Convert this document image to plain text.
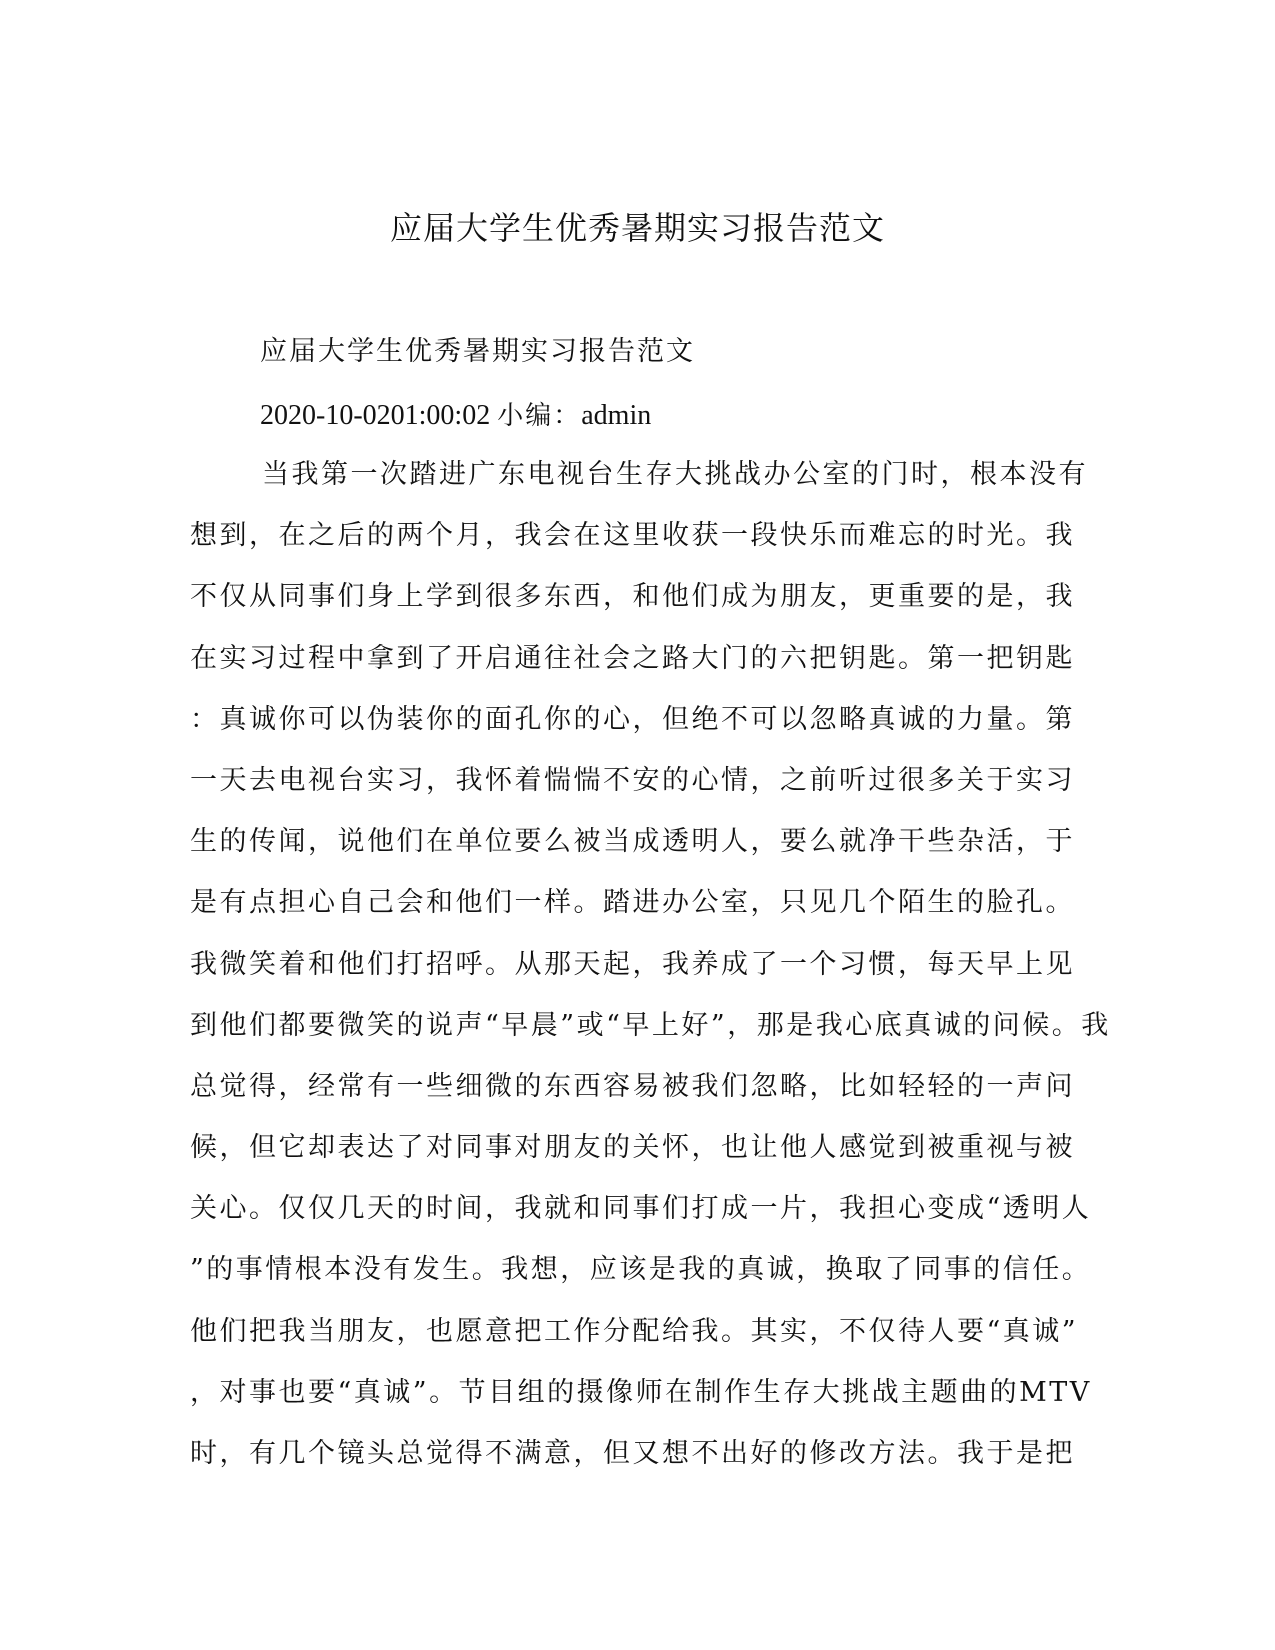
应届大学生优秀暑期实习报告范文

应届大学生优秀暑期实习报告范文

2020-10-0201:00:02 小编：admin

当我第一次踏进广东电视台生存大挑战办公室的门时，根本没有
想到，在之后的两个月，我会在这里收获一段快乐而难忘的时光。我
不仅从同事们身上学到很多东西，和他们成为朋友，更重要的是，我
在实习过程中拿到了开启通往社会之路大门的六把钥匙。第一把钥匙
：真诚你可以伪装你的面孔你的心，但绝不可以忽略真诚的力量。第
一天去电视台实习，我怀着惴惴不安的心情，之前听过很多关于实习
生的传闻，说他们在单位要么被当成透明人，要么就净干些杂活，于
是有点担心自己会和他们一样。踏进办公室，只见几个陌生的脸孔。
我微笑着和他们打招呼。从那天起，我养成了一个习惯，每天早上见
到他们都要微笑的说声“早晨”或“早上好”，那是我心底真诚的问候。我
总觉得，经常有一些细微的东西容易被我们忽略，比如轻轻的一声问
候，但它却表达了对同事对朋友的关怀，也让他人感觉到被重视与被
关心。仅仅几天的时间，我就和同事们打成一片，我担心变成“透明人
”的事情根本没有发生。我想，应该是我的真诚，换取了同事的信任。
他们把我当朋友，也愿意把工作分配给我。其实，不仅待人要“真诚”
，对事也要“真诚”。节目组的摄像师在制作生存大挑战主题曲的MTV
时，有几个镜头总觉得不满意，但又想不出好的修改方法。我于是把
